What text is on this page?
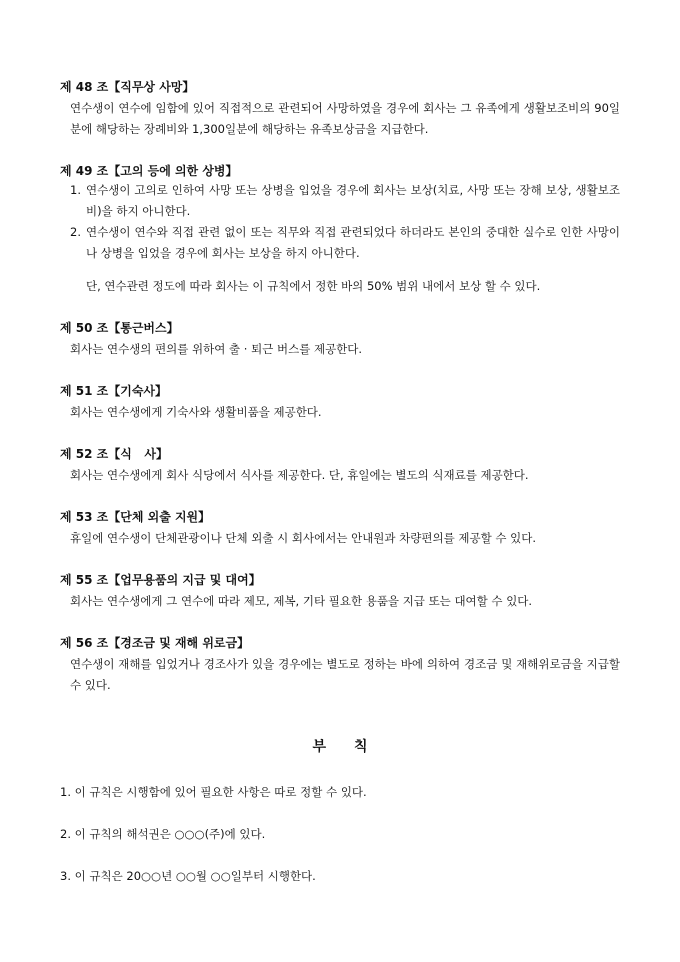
제 48 조【직무상 사망】

연수생이 연수에 임함에 있어 직접적으로 관련되어 사망하였을 경우에 회사는 그 유족에게 생활보조비의 90일분에 해당하는 장례비와 1,300일분에 해당하는 유족보상금을 지급한다.

제 49 조【고의 등에 의한 상병】

1. 연수생이 고의로 인하여 사망 또는 상병을 입었을 경우에 회사는 보상(치료, 사망 또는 장해 보상, 생활보조비)을 하지 아니한다.
2. 연수생이 연수와 직접 관련 없이 또는 직무와 직접 관련되었다 하더라도 본인의 중대한 실수로 인한 사망이나 상병을 입었을 경우에 회사는 보상을 하지 아니한다.

단, 연수관련 정도에 따라 회사는 이 규칙에서 정한 바의 50% 범위 내에서 보상 할 수 있다.

제 50 조【통근버스】

회사는 연수생의 편의를 위하여 출 · 퇴근 버스를 제공한다.

제 51 조【기숙사】

회사는 연수생에게 기숙사와 생활비품을 제공한다.

제 52 조【식   사】

회사는 연수생에게 회사 식당에서 식사를 제공한다. 단, 휴일에는 별도의 식재료를 제공한다.

제 53 조【단체 외출 지원】

휴일에 연수생이 단체관광이나 단체 외출 시 회사에서는 안내원과 차량편의를 제공할 수 있다.

제 55 조【업무용품의 지급 및 대여】

회사는 연수생에게 그 연수에 따라 제모, 제복, 기타 필요한 용품을 지급 또는 대여할 수 있다.

제 56 조【경조금 및 재해 위로금】

연수생이 재해를 입었거나 경조사가 있을 경우에는 별도로 정하는 바에 의하여 경조금 및 재해위로금을 지급할 수 있다.

부칙

1. 이 규칙은 시행함에 있어 필요한 사항은 따로 정할 수 있다.

2. 이 규칙의 해석권은 ○○○(주)에 있다.

3. 이 규칙은 20○○년 ○○월 ○○일부터 시행한다.
